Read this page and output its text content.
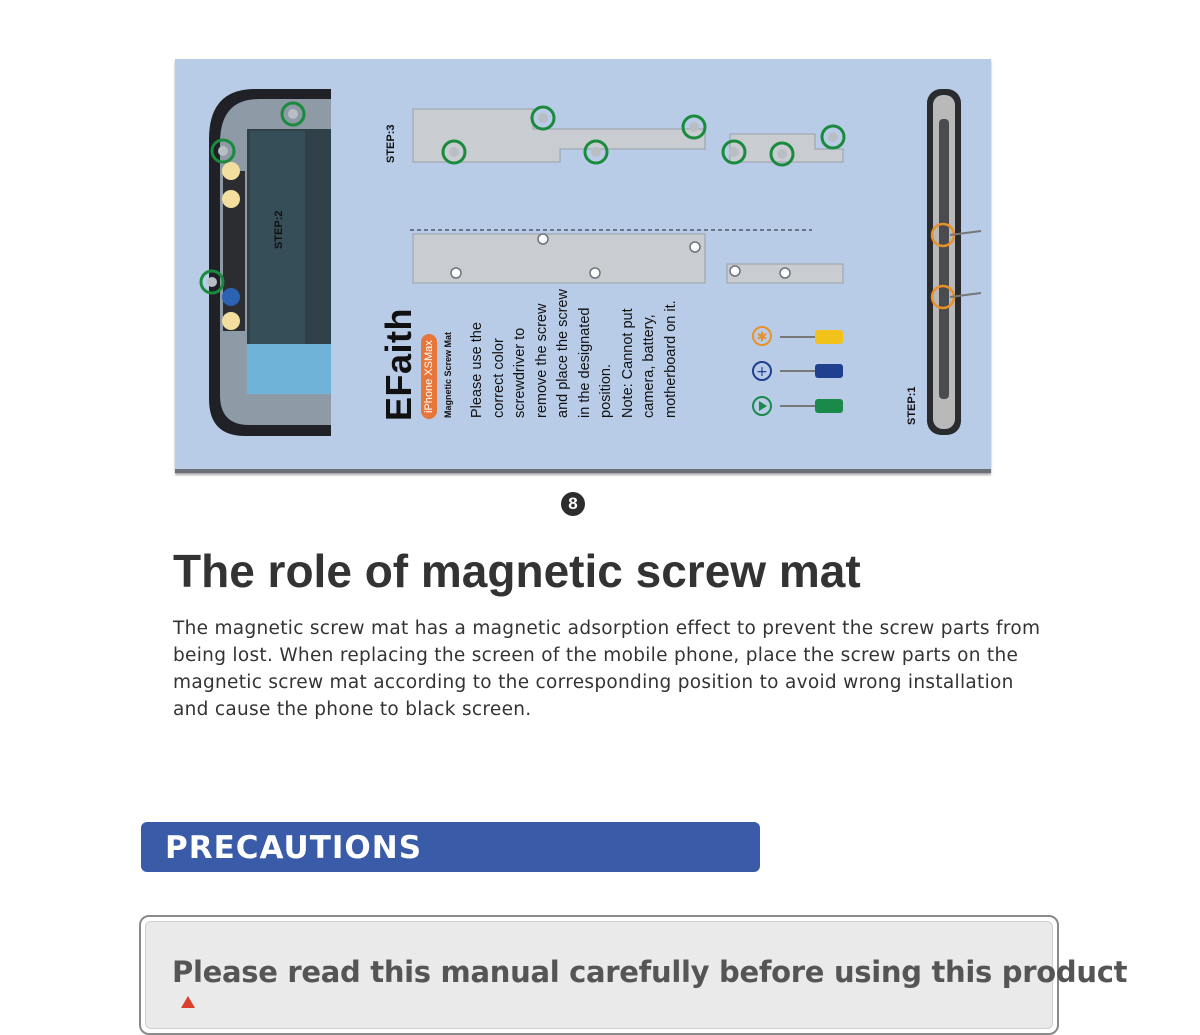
✱
+
STEP:3
STEP:2
STEP:1
EFaith iPhone XSMax Magnetic Screw Mat Please use the
correct color
screwdriver to
remove the screw
and place the screw
in the designated
position.
Note: Cannot put
camera, battery,
motherboard on it.
8
The role of magnetic screw mat

The magnetic screw mat has a magnetic adsorption effect to prevent the screw parts from being lost. When replacing the screen of the mobile phone, place the screw parts on the magnetic screw mat according to the corresponding position to avoid wrong installation and cause the phone to black screen.

PRECAUTIONS

Please read this manual carefully before using this product
